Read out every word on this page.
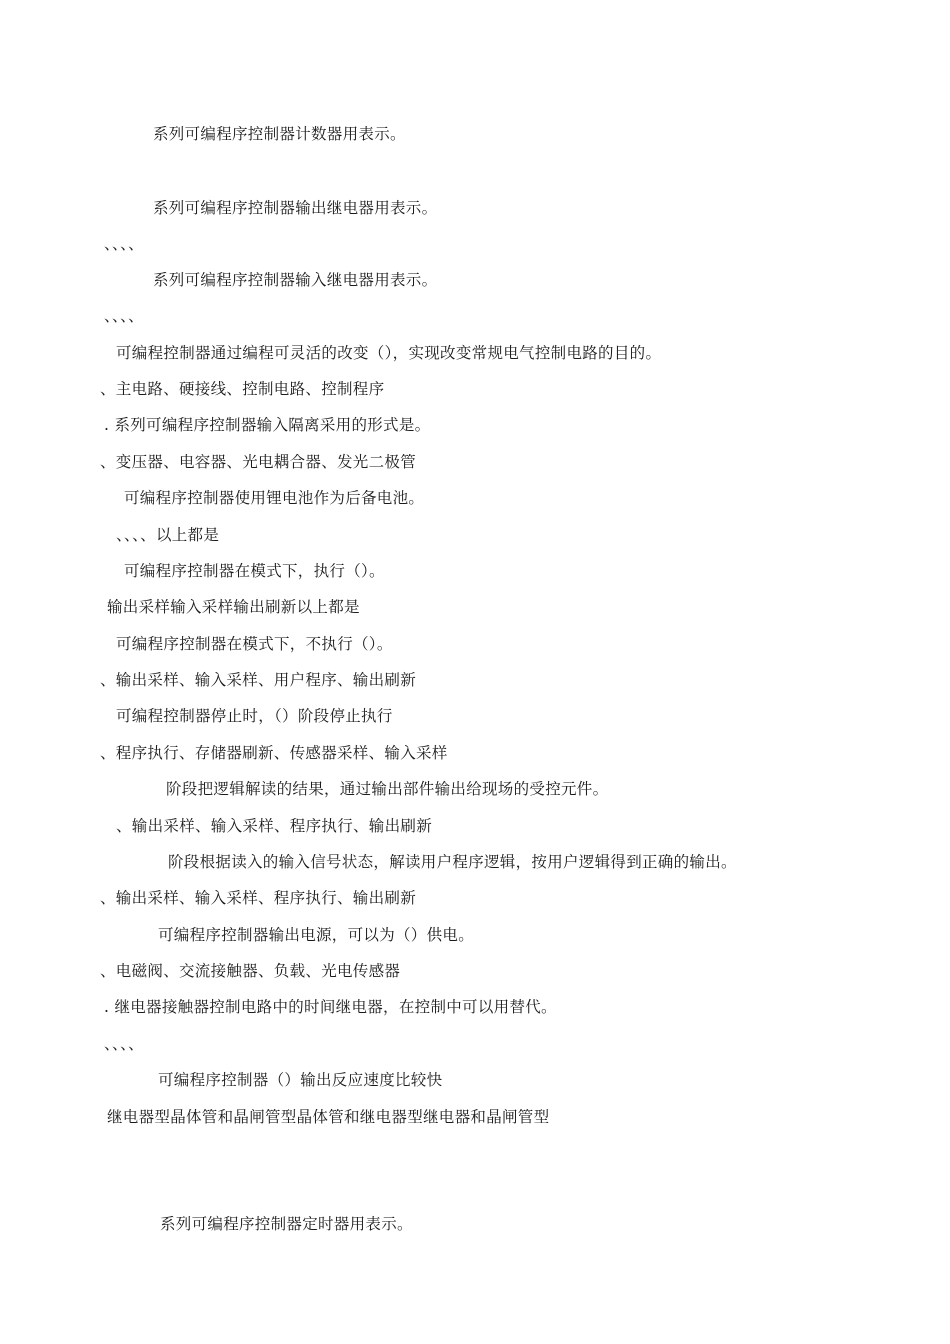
系列可编程序控制器计数器用表示。
系列可编程序控制器输出继电器用表示。
、、、、
系列可编程序控制器输入继电器用表示。
、、、、
可编程控制器通过编程可灵活的改变（），实现改变常规电气控制电路的目的。
、主电路、硬接线、控制电路、控制程序
. 系列可编程序控制器输入隔离采用的形式是。
、变压器、电容器、光电耦合器、发光二极管
可编程序控制器使用锂电池作为后备电池。
、、、、以上都是
可编程序控制器在模式下，执行（）。
输出采样输入采样输出刷新以上都是
可编程序控制器在模式下，不执行（）。
、输出采样、输入采样、用户程序、输出刷新
可编程控制器停止时，（）阶段停止执行
、程序执行、存储器刷新、传感器采样、输入采样
阶段把逻辑解读的结果，通过输出部件输出给现场的受控元件。
、输出采样、输入采样、程序执行、输出刷新
阶段根据读入的输入信号状态，解读用户程序逻辑，按用户逻辑得到正确的输出。
、输出采样、输入采样、程序执行、输出刷新
可编程序控制器输出电源，可以为（）供电。
、电磁阀、交流接触器、负载、光电传感器
. 继电器接触器控制电路中的时间继电器，在控制中可以用替代。
、、、、
可编程序控制器（）输出反应速度比较快
继电器型晶体管和晶闸管型晶体管和继电器型继电器和晶闸管型
系列可编程序控制器定时器用表示。
